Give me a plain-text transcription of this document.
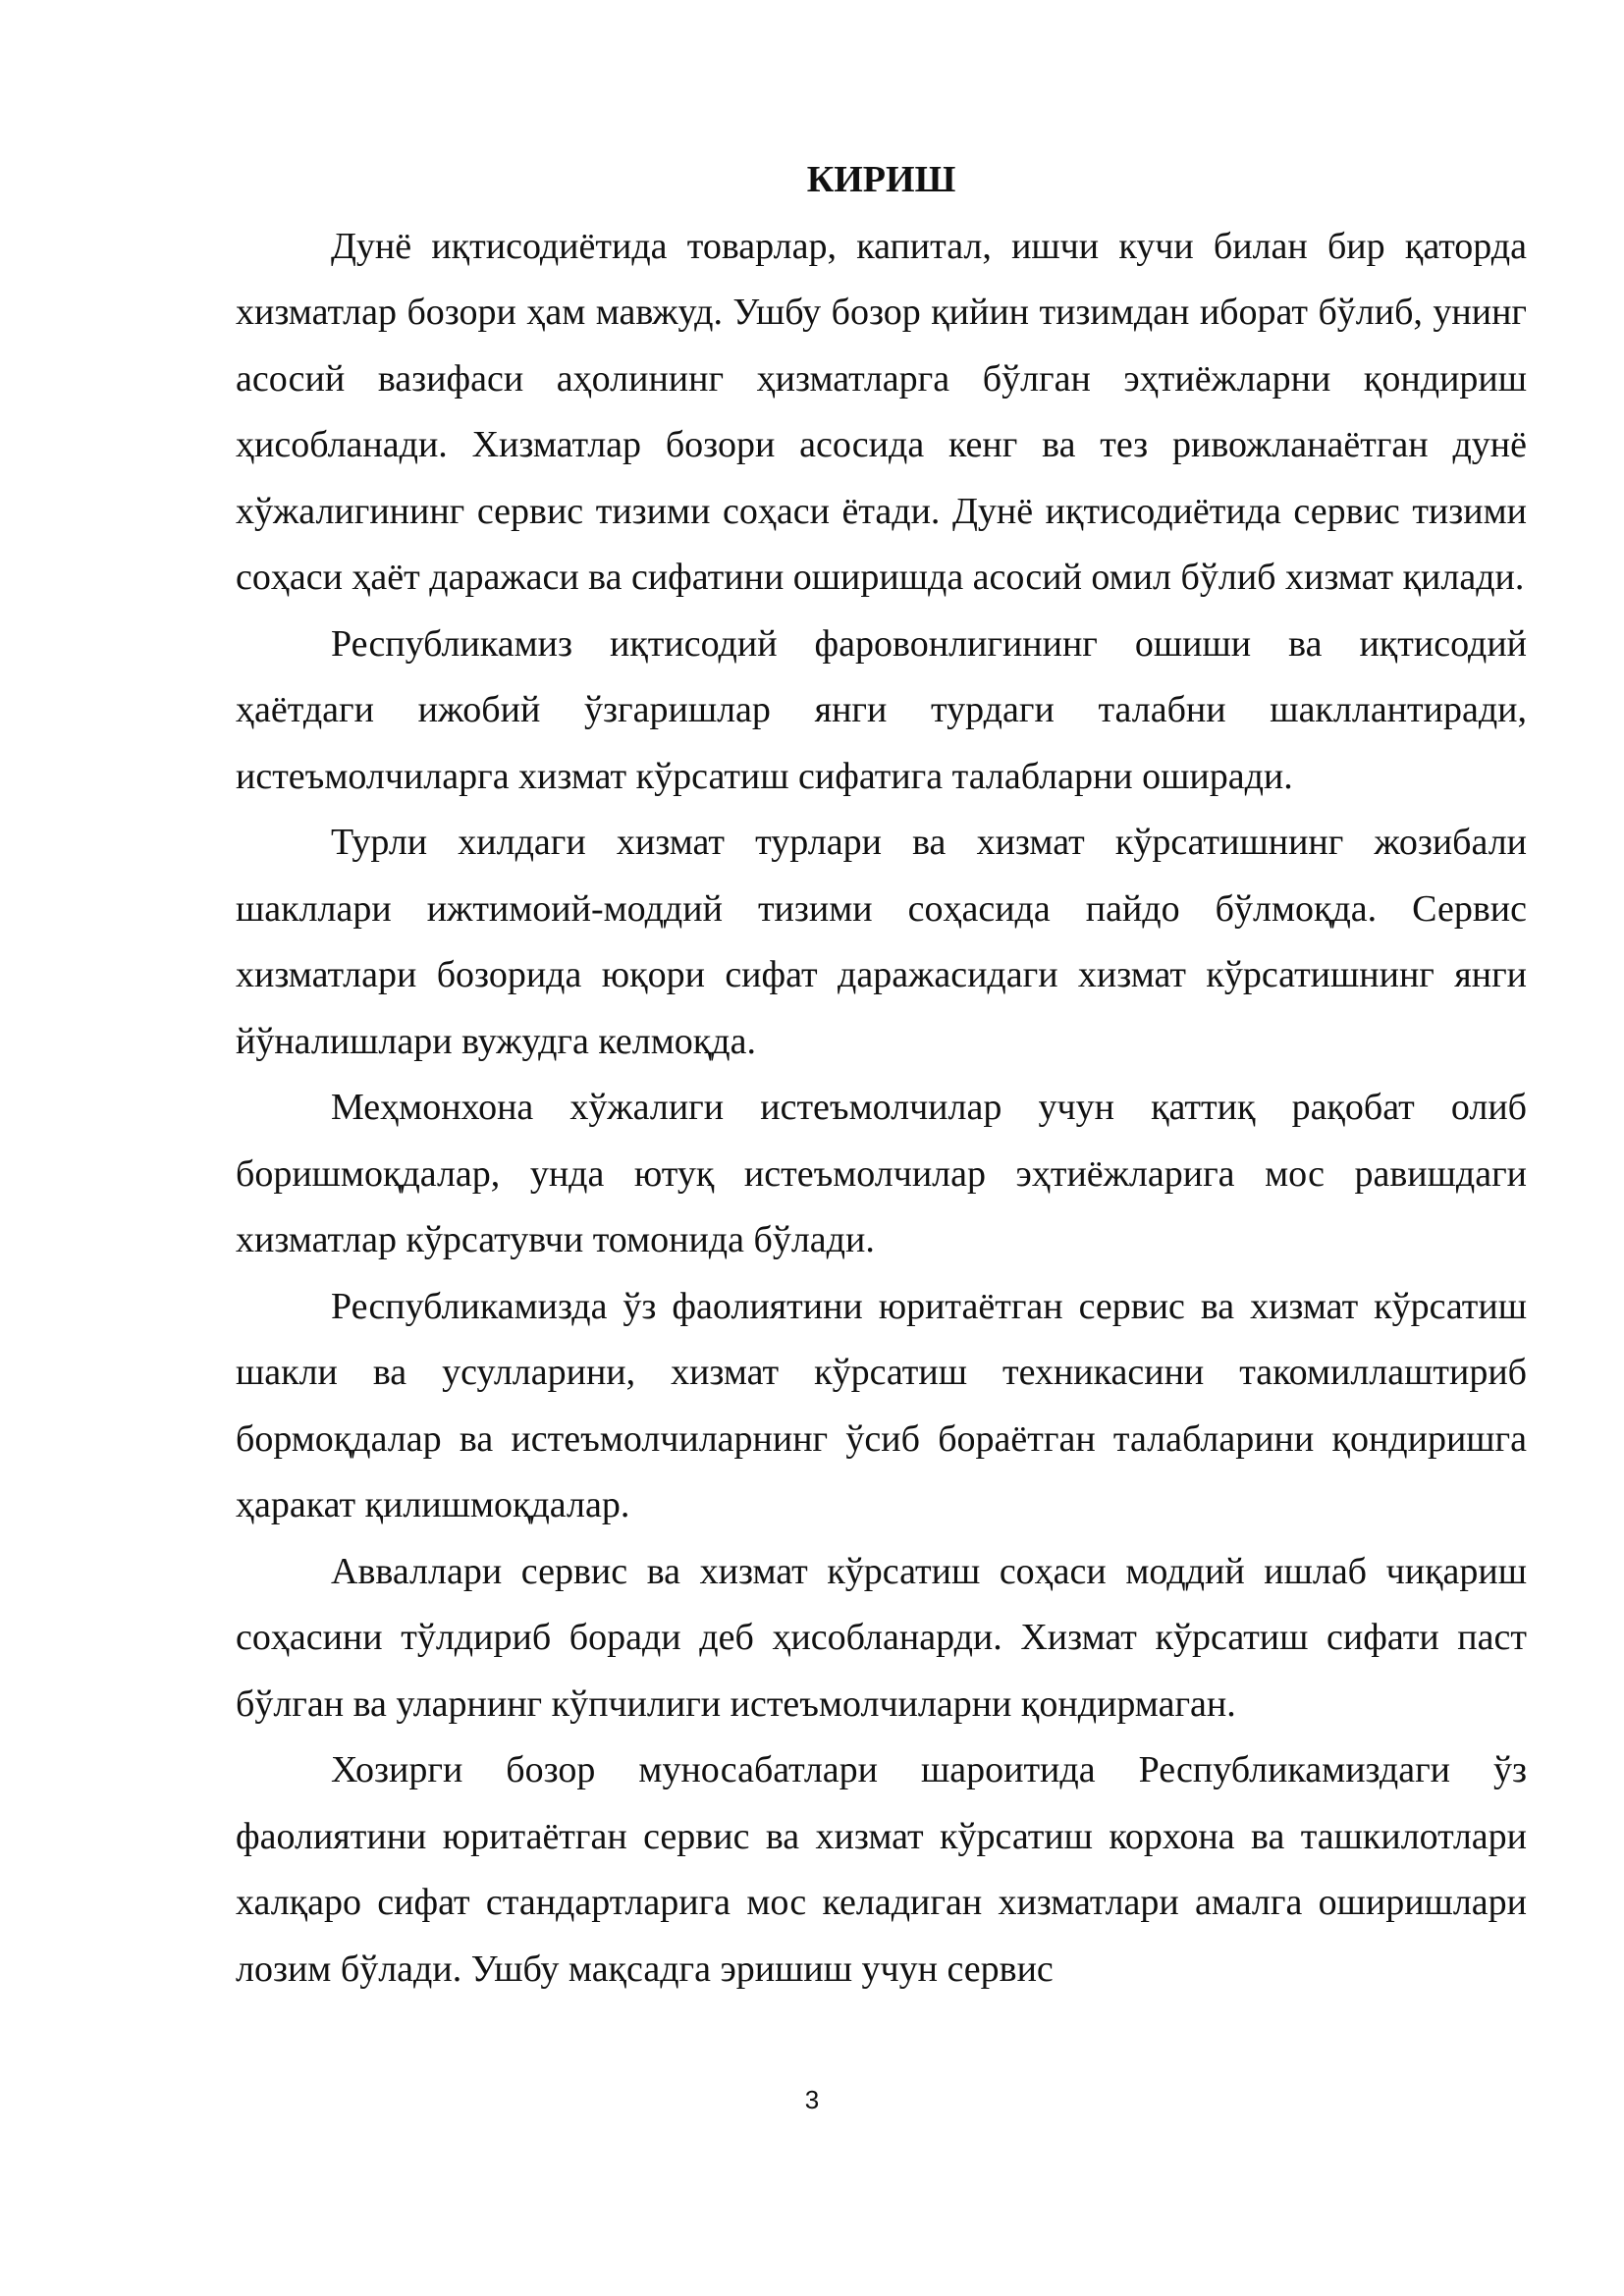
КИРИШ

Дунё иқтисодиётида товарлар, капитал, ишчи кучи билан бир қаторда хизматлар бозори ҳам мавжуд. Ушбу бозор қийин тизимдан иборат бўлиб, унинг асосий вазифаси аҳолининг ҳизматларга бўлган эҳтиёжларни қондириш ҳисобланади. Хизматлар бозори асосида кенг ва тез ривожланаётган дунё хўжалигининг сервис тизими соҳаси ётади. Дунё иқтисодиётида сервис тизими соҳаси ҳаёт даражаси ва сифатини оширишда асосий омил бўлиб хизмат қилади.

Республикамиз иқтисодий фаровонлигининг ошиши ва иқтисодий ҳаётдаги ижобий ўзгаришлар янги турдаги талабни шакллантиради, истеъмолчиларга хизмат кўрсатиш сифатига талабларни оширади.

Турли хилдаги хизмат турлари ва хизмат кўрсатишнинг жозибали шакллари ижтимоий-моддий тизими соҳасида пайдо бўлмоқда. Сервис хизматлари бозорида юқори сифат даражасидаги хизмат кўрсатишнинг янги йўналишлари вужудга келмоқда.

Меҳмонхона хўжалиги истеъмолчилар учун қаттиқ рақобат олиб боришмоқдалар, унда ютуқ истеъмолчилар эҳтиёжларига мос равишдаги хизматлар кўрсатувчи томонида бўлади.

Республикамизда ўз фаолиятини юритаётган сервис ва хизмат кўрсатиш шакли ва усулларини, хизмат кўрсатиш техникасини такомиллаштириб бормоқдалар ва истеъмолчиларнинг ўсиб бораётган талабларини қондиришга ҳаракат қилишмоқдалар.

Авваллари сервис ва хизмат кўрсатиш соҳаси моддий ишлаб чиқариш соҳасини тўлдириб боради деб ҳисобланарди. Хизмат кўрсатиш сифати паст бўлган ва уларнинг кўпчилиги истеъмолчиларни қондирмаган.

Хозирги бозор муносабатлари шароитида Республикамиздаги ўз фаолиятини юритаётган сервис ва хизмат кўрсатиш корхона ва ташкилотлари халқаро сифат стандартларига мос келадиган хизматлари амалга оширишлари лозим бўлади. Ушбу мақсадга эришиш учун сервис

3
